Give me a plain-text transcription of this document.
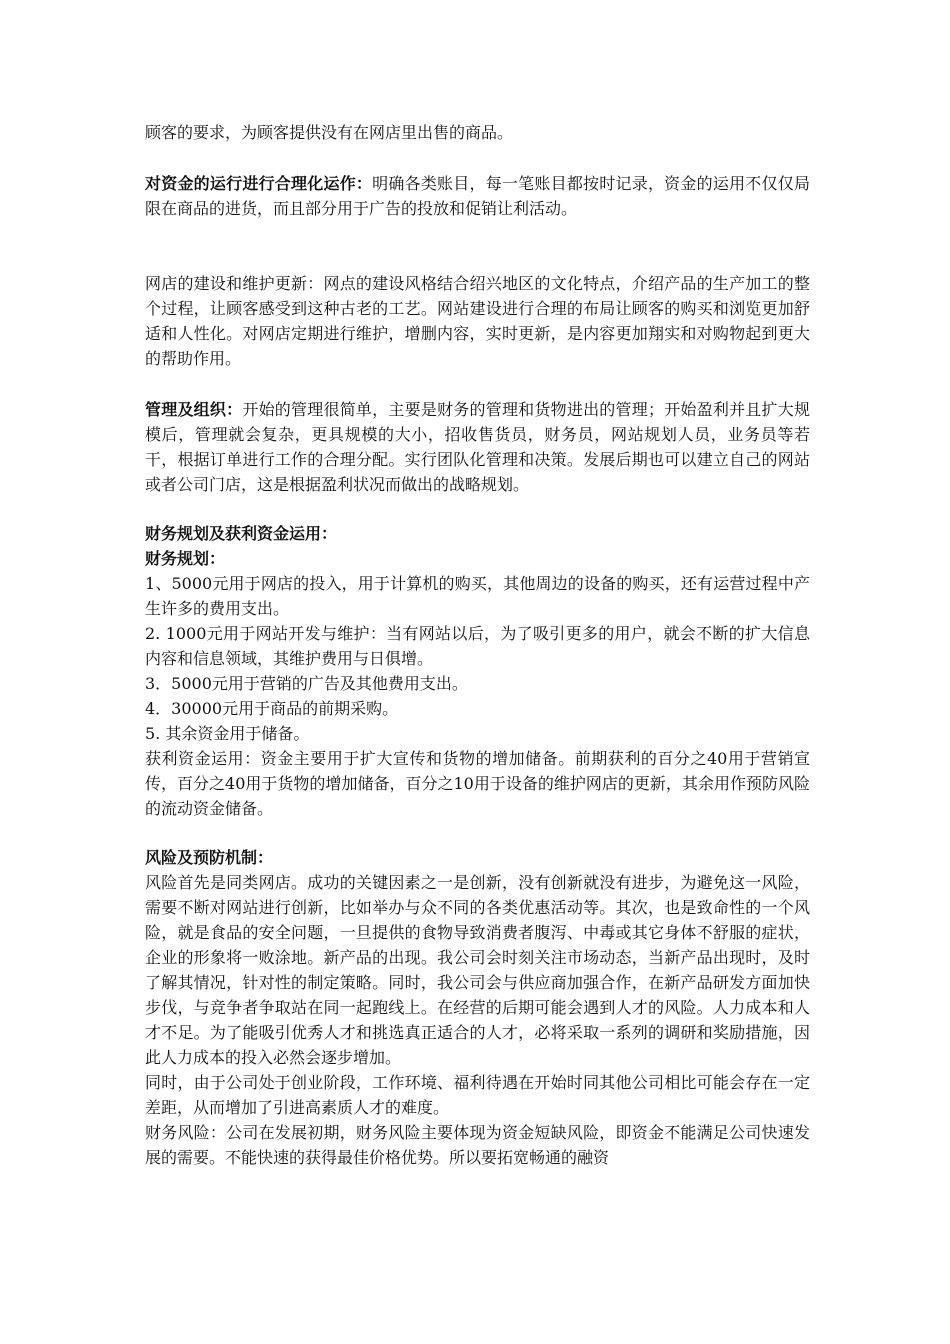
顾客的要求，为顾客提供没有在网店里出售的商品。

对资金的运行进行合理化运作：明确各类账目，每一笔账目都按时记录，资金的运用不仅仅局限在商品的进货，而且部分用于广告的投放和促销让利活动。

网店的建设和维护更新：网点的建设风格结合绍兴地区的文化特点，介绍产品的生产加工的整个过程，让顾客感受到这种古老的工艺。网站建设进行合理的布局让顾客的购买和浏览更加舒适和人性化。对网店定期进行维护，增删内容，实时更新，是内容更加翔实和对购物起到更大的帮助作用。

管理及组织：开始的管理很简单，主要是财务的管理和货物进出的管理；开始盈利并且扩大规模后，管理就会复杂，更具规模的大小，招收售货员，财务员，网站规划人员，业务员等若干，根据订单进行工作的合理分配。实行团队化管理和决策。发展后期也可以建立自己的网站或者公司门店，这是根据盈利状况而做出的战略规划。

财务规划及获利资金运用：

财务规划：

1、5000元用于网店的投入，用于计算机的购买，其他周边的设备的购买，还有运营过程中产生许多的费用支出。

2. 1000元用于网站开发与维护：当有网站以后，为了吸引更多的用户，就会不断的扩大信息内容和信息领域，其维护费用与日俱增。

3．5000元用于营销的广告及其他费用支出。

4．30000元用于商品的前期采购。

5. 其余资金用于储备。

获利资金运用：资金主要用于扩大宣传和货物的增加储备。前期获利的百分之40用于营销宣传，百分之40用于货物的增加储备，百分之10用于设备的维护网店的更新，其余用作预防风险的流动资金储备。

风险及预防机制：

风险首先是同类网店。成功的关键因素之一是创新，没有创新就没有进步，为避免这一风险，需要不断对网站进行创新，比如举办与众不同的各类优惠活动等。其次，也是致命性的一个风险，就是食品的安全问题，一旦提供的食物导致消费者腹泻、中毒或其它身体不舒服的症状，企业的形象将一败涂地。新产品的出现。我公司会时刻关注市场动态，当新产品出现时，及时了解其情况，针对性的制定策略。同时，我公司会与供应商加强合作，在新产品研发方面加快步伐，与竞争者争取站在同一起跑线上。在经营的后期可能会遇到人才的风险。人力成本和人才不足。为了能吸引优秀人才和挑选真正适合的人才，必将采取一系列的调研和奖励措施，因此人力成本的投入必然会逐步增加。

同时，由于公司处于创业阶段，工作环境、福利待遇在开始时同其他公司相比可能会存在一定差距，从而增加了引进高素质人才的难度。

财务风险：公司在发展初期，财务风险主要体现为资金短缺风险，即资金不能满足公司快速发展的需要。不能快速的获得最佳价格优势。所以要拓宽畅通的融资
